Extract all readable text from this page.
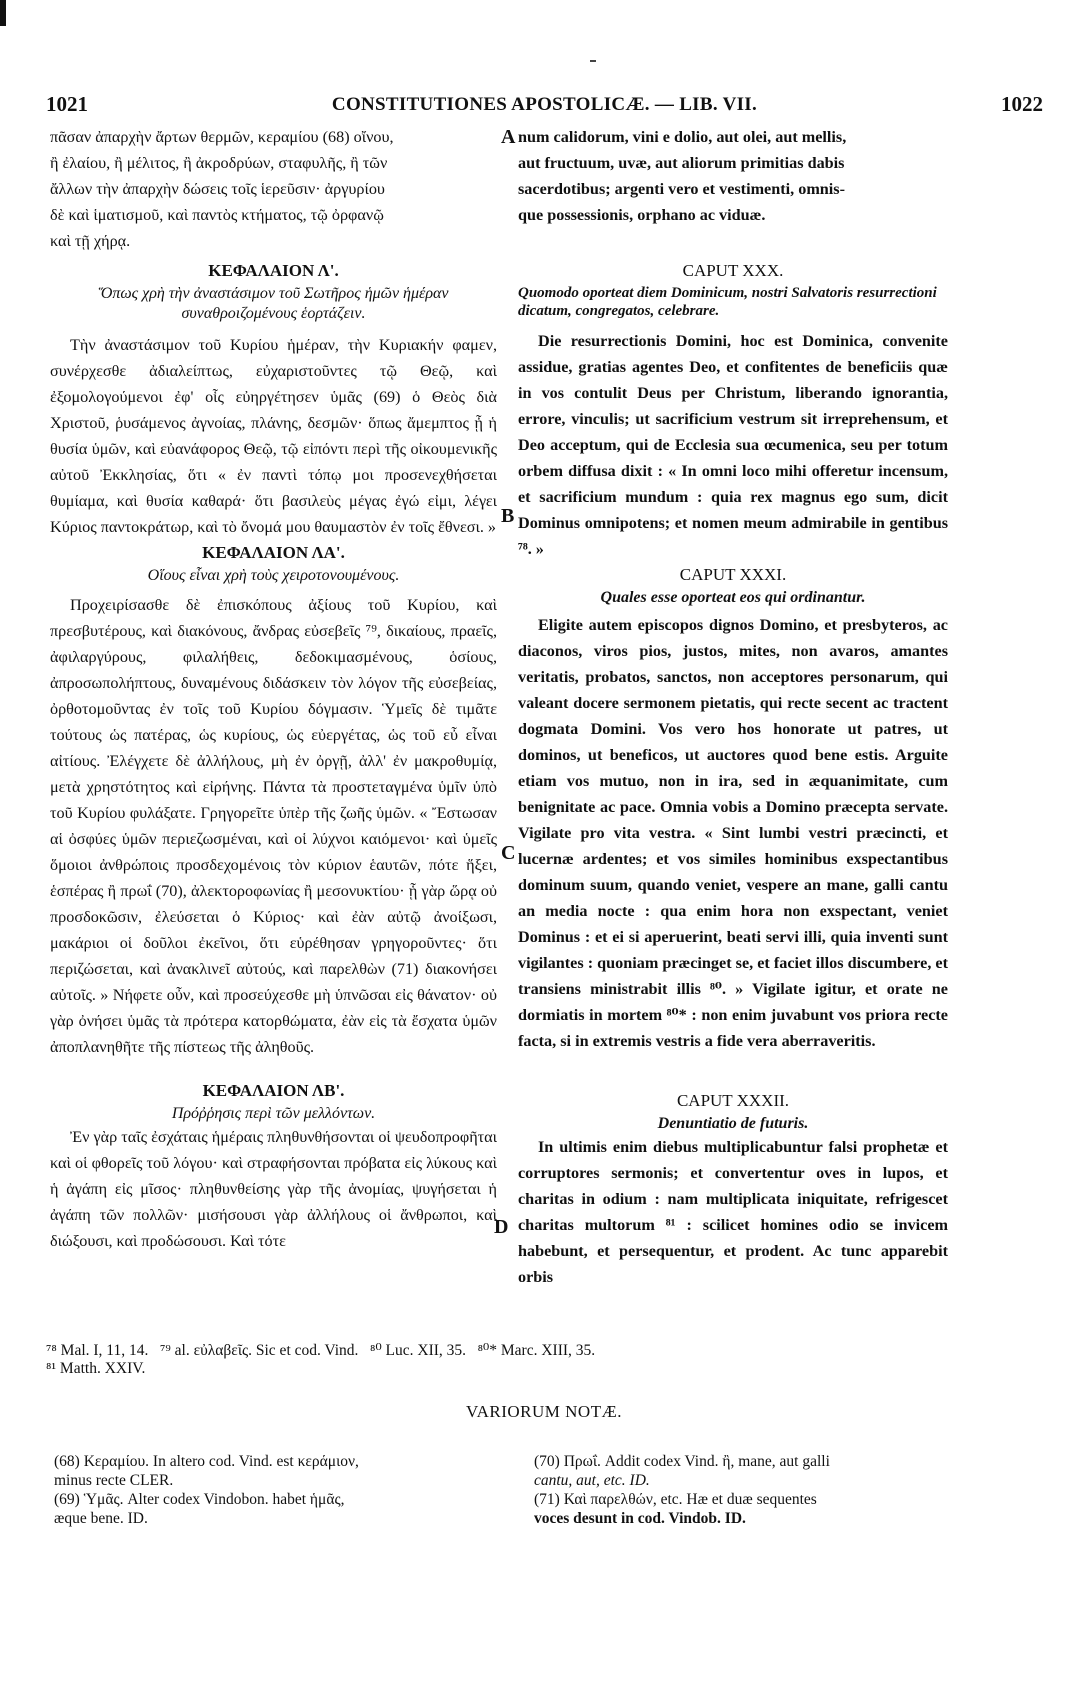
1021	CONSTITUTIONES APOSTOLICÆ. — LIB. VII.	1022
A
B
C
D
πᾶσαν ἀπαρχὴν ἄρτων θερμῶν, κεραμίου (68) οἴνου,
ἢ ἐλαίου, ἢ μέλιτος, ἢ ἀκροδρύων, σταφυλῆς, ἢ τῶν
ἄλλων τὴν ἀπαρχὴν δώσεις τοῖς ἱερεῦσιν· ἀργυρίου
δὲ καὶ ἱματισμοῦ, καὶ παντὸς κτήματος, τῷ ὀρφανῷ
καὶ τῇ χήρᾳ.
ΚΕΦΑΛΑΙΟΝ Λ'.
Ὅπως χρὴ τὴν ἀναστάσιμον τοῦ Σωτῆρος ἡμῶν ἡμέραν συναθροιζομένους ἑορτάζειν.

Τὴν ἀναστάσιμον τοῦ Κυρίου ἡμέραν, τὴν Κυριακήν φαμεν, συνέρχεσθε ἀδιαλείπτως, εὐχαριστοῦντες τῷ Θεῷ, καὶ ἐξομολογούμενοι ἐφ' οἷς εὐηργέτησεν ὑμᾶς (69) ὁ Θεὸς διὰ Χριστοῦ, ῥυσάμενος ἀγνοίας, πλάνης, δεσμῶν· ὅπως ἄμεμπτος ᾖ ἡ θυσία ὑμῶν, καὶ εὐανάφορος Θεῷ, τῷ εἰπόντι περὶ τῆς οἰκουμενικῆς αὐτοῦ Ἐκκλησίας, ὅτι « ἐν παντὶ τόπῳ μοι προσενεχθήσεται θυμίαμα, καὶ θυσία καθαρά· ὅτι βασιλεὺς μέγας ἐγώ εἰμι, λέγει Κύριος παντοκράτωρ, καὶ τὸ ὄνομά μου θαυμαστὸν ἐν τοῖς ἔθνεσι. »

ΚΕΦΑΛΑΙΟΝ ΛΑ'.
Οἵους εἶναι χρὴ τοὺς χειροτονουμένους.

Προχειρίσασθε δὲ ἐπισκόπους ἀξίους τοῦ Κυρίου, καὶ πρεσβυτέρους, καὶ διακόνους, ἄνδρας εὐσεβεῖς ⁷⁹, δικαίους, πραεῖς, ἀφιλαργύρους, φιλαλήθεις, δεδοκιμασμένους, ὁσίους, ἀπροσωπολήπτους, δυναμένους διδάσκειν τὸν λόγον τῆς εὐσεβείας, ὀρθοτομοῦντας ἐν τοῖς τοῦ Κυρίου δόγμασιν. Ὑμεῖς δὲ τιμᾶτε τούτους ὡς πατέρας, ὡς κυρίους, ὡς εὐεργέτας, ὡς τοῦ εὖ εἶναι αἰτίους. Ἐλέγχετε δὲ ἀλλήλους, μὴ ἐν ὀργῇ, ἀλλ' ἐν μακροθυμίᾳ, μετὰ χρηστότητος καὶ εἰρήνης. Πάντα τὰ προστεταγμένα ὑμῖν ὑπὸ τοῦ Κυρίου φυλάξατε. Γρηγορεῖτε ὑπὲρ τῆς ζωῆς ὑμῶν. « Ἔστωσαν αἱ ὀσφύες ὑμῶν περιεζωσμέναι, καὶ οἱ λύχνοι καιόμενοι· καὶ ὑμεῖς ὅμοιοι ἀνθρώποις προσδεχομένοις τὸν κύριον ἑαυτῶν, πότε ἥξει, ἑσπέρας ἢ πρωΐ (70), ἀλεκτοροφωνίας ἢ μεσονυκτίου· ᾗ γὰρ ὥρᾳ οὐ προσδοκῶσιν, ἐλεύσεται ὁ Κύριος· καὶ ἐὰν αὐτῷ ἀνοίξωσι, μακάριοι οἱ δοῦλοι ἐκεῖνοι, ὅτι εὑρέθησαν γρηγοροῦντες· ὅτι περιζώσεται, καὶ ἀνακλινεῖ αὐτούς, καὶ παρελθὼν (71) διακονήσει αὐτοῖς. » Νήφετε οὖν, καὶ προσεύχεσθε μὴ ὑπνῶσαι εἰς θάνατον· οὐ γὰρ ὀνήσει ὑμᾶς τὰ πρότερα κατορθώματα, ἐὰν εἰς τὰ ἔσχατα ὑμῶν ἀποπλανηθῆτε τῆς πίστεως τῆς ἀληθοῦς.

ΚΕΦΑΛΑΙΟΝ ΛΒ'.
Πρόῤῥησις περὶ τῶν μελλόντων.

Ἐν γὰρ ταῖς ἐσχάταις ἡμέραις πληθυνθήσονται οἱ ψευδοπροφῆται καὶ οἱ φθορεῖς τοῦ λόγου· καὶ στραφήσονται πρόβατα εἰς λύκους καὶ ἡ ἀγάπη εἰς μῖσος· πληθυνθείσης γὰρ τῆς ἀνομίας, ψυγήσεται ἡ ἀγάπη τῶν πολλῶν· μισήσουσι γὰρ ἀλλήλους οἱ ἄνθρωποι, καὶ διώξουσι, καὶ προδώσουσι. Καὶ τότε

num calidorum, vini e dolio, aut olei, aut mellis,
aut fructuum, uvæ, aut aliorum primitias dabis
sacerdotibus; argenti vero et vestimenti, omnis-
que possessionis, orphano ac viduæ.
CAPUT XXX.
Quomodo oporteat diem Dominicum, nostri Salvatoris resurrectioni dicatum, congregatos, celebrare.

Die resurrectionis Domini, hoc est Dominica, convenite assidue, gratias agentes Deo, et confitentes de beneficiis quæ in vos contulit Deus per Christum, liberando ignorantia, errore, vinculis; ut sacrificium vestrum sit irreprehensum, et Deo acceptum, qui de Ecclesia sua œcumenica, seu per totum orbem diffusa dixit : « In omni loco mihi offeretur incensum, et sacrificium mundum : quia rex magnus ego sum, dicit Dominus omnipotens; et nomen meum admirabile in gentibus ⁷⁸. »

CAPUT XXXI.
Quales esse oporteat eos qui ordinantur.

Eligite autem episcopos dignos Domino, et presbyteros, ac diaconos, viros pios, justos, mites, non avaros, amantes veritatis, probatos, sanctos, non acceptores personarum, qui valeant docere sermonem pietatis, qui recte secent ac tractent dogmata Domini. Vos vero hos honorate ut patres, ut dominos, ut beneficos, ut auctores quod bene estis. Arguite etiam vos mutuo, non in ira, sed in æquanimitate, cum benignitate ac pace. Omnia vobis a Domino præcepta servate. Vigilate pro vita vestra. « Sint lumbi vestri præcincti, et lucernæ ardentes; et vos similes hominibus exspectantibus dominum suum, quando veniet, vespere an mane, galli cantu an media nocte : qua enim hora non exspectant, veniet Dominus : et ei si aperuerint, beati servi illi, quia inventi sunt vigilantes : quoniam præcinget se, et faciet illos discumbere, et transiens ministrabit illis ⁸⁰. » Vigilate igitur, et orate ne dormiatis in mortem ⁸⁰* : non enim juvabunt vos priora recte facta, si in extremis vestris a fide vera aberraveritis.

CAPUT XXXII.
Denuntiatio de futuris.

In ultimis enim diebus multiplicabuntur falsi prophetæ et corruptores sermonis; et convertentur oves in lupos, et charitas in odium : nam multiplicata iniquitate, refrigescet charitas multorum ⁸¹ : scilicet homines odio se invicem habebunt, et persequentur, et prodent. Ac tunc apparebit orbis

⁷⁸ Mal. I, 11, 14.   ⁷⁹ al. εὐλαβεῖς. Sic et cod. Vind.   ⁸⁰ Luc. XII, 35.   ⁸⁰* Marc. XIII, 35.
⁸¹ Matth. XXIV.
VARIORUM NOTÆ.
(68) Κεραμίου. In altero cod. Vind. est κεράμιον,
minus recte CLER.
(69) Ὑμᾶς. Alter codex Vindobon. habet ἡμᾶς,
æque bene. ID.
(70) Πρωΐ. Addit codex Vind. ἢ, mane, aut galli
cantu, aut, etc. ID.
(71) Καὶ παρελθών, etc. Hæ et duæ sequentes
voces desunt in cod. Vindob. ID.
